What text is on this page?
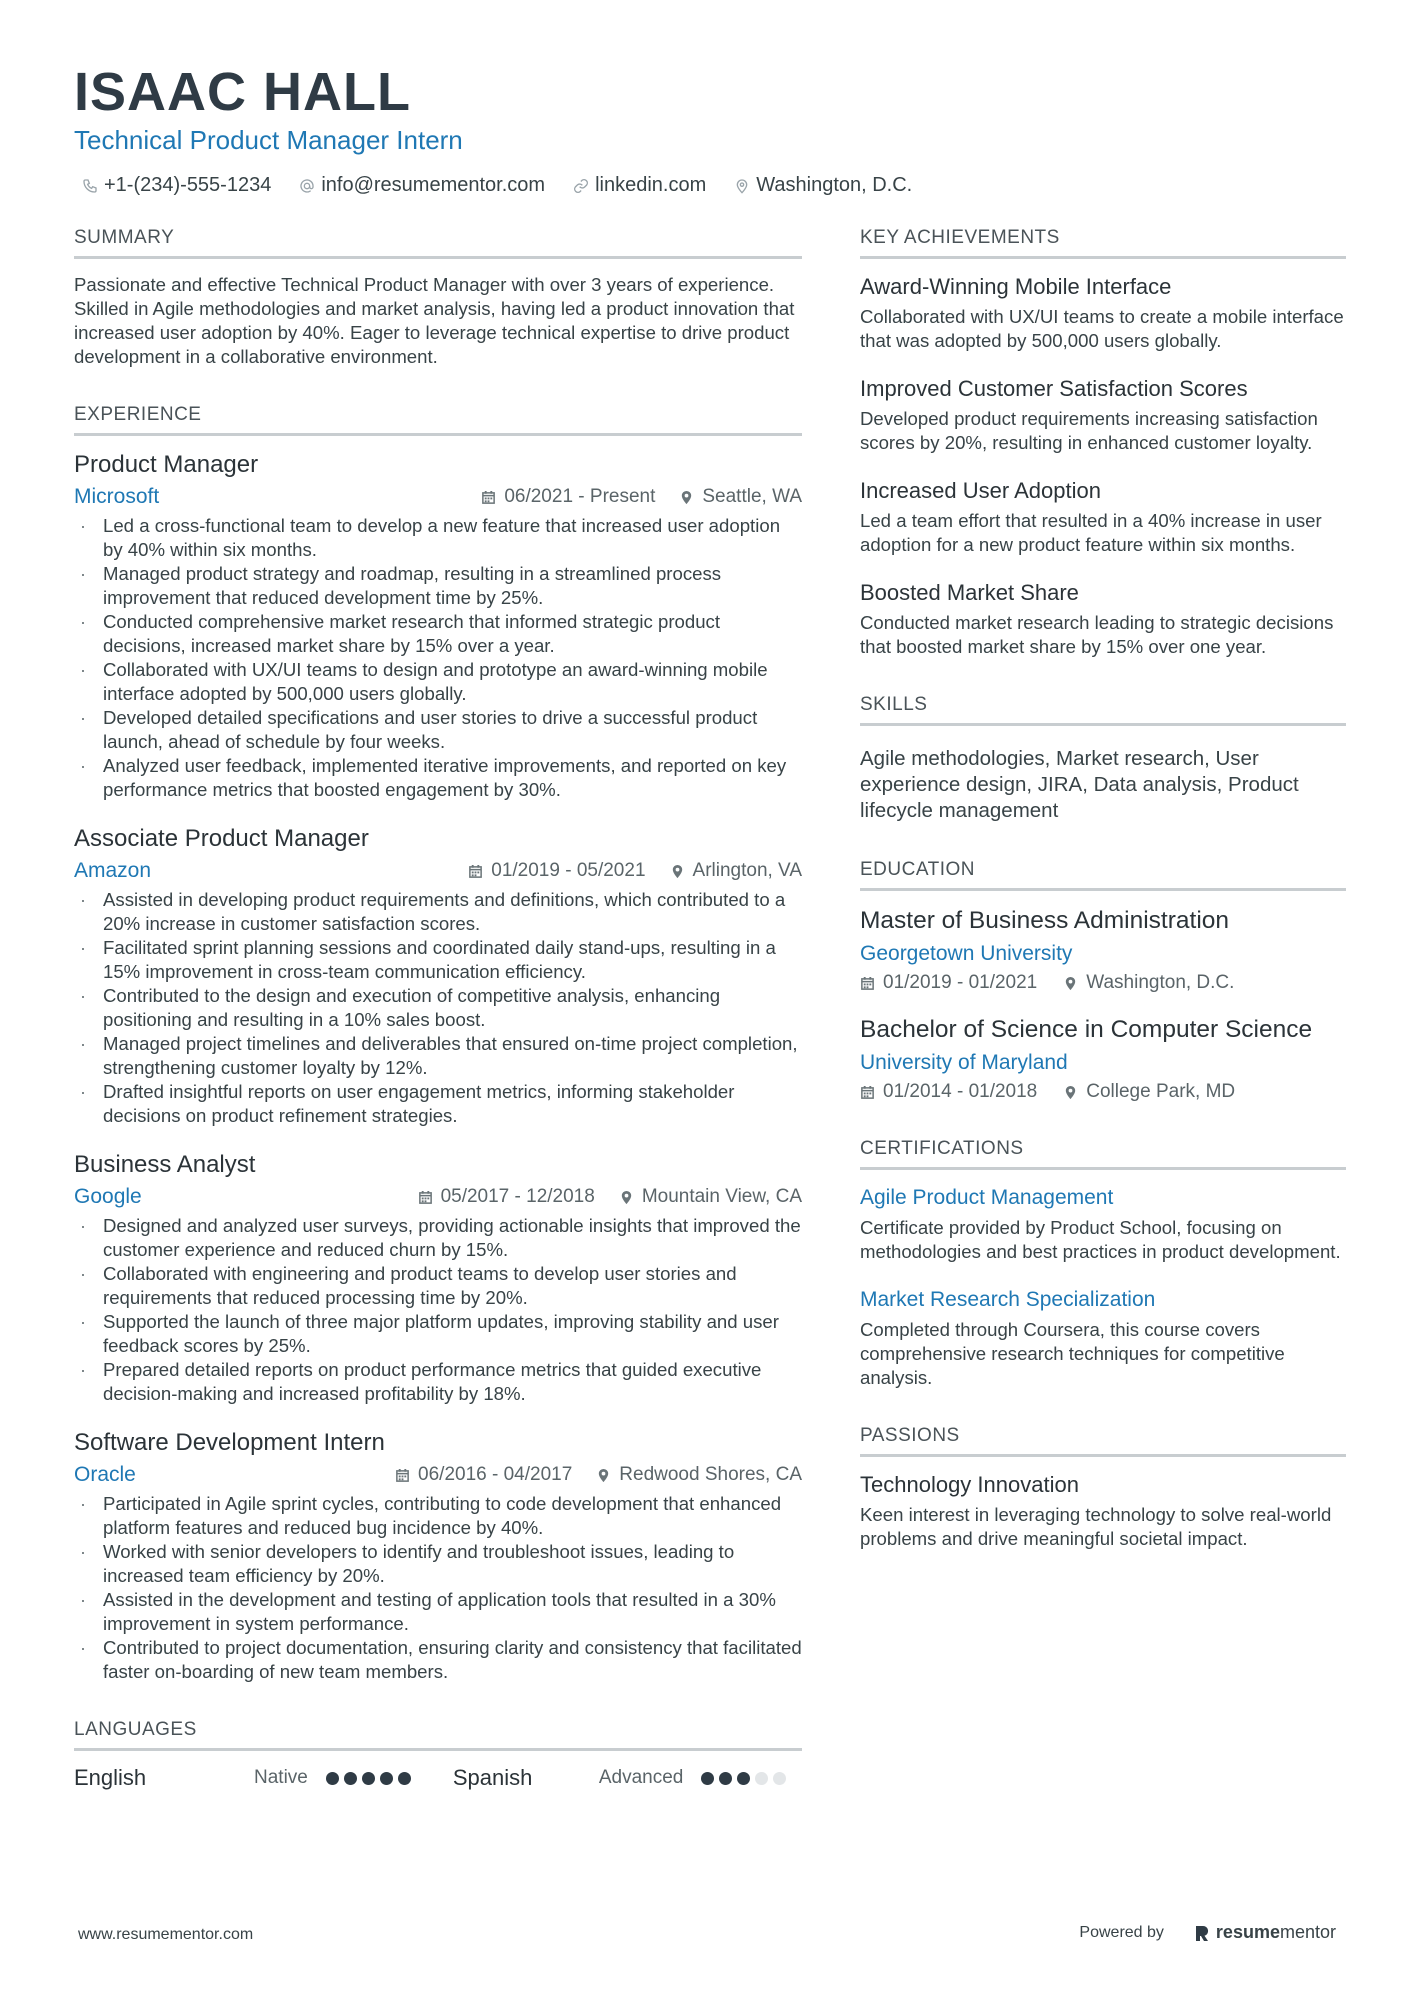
ISAAC HALL
Technical Product Manager Intern
+1-(234)-555-1234	info@resumementor.com	linkedin.com	Washington, D.C.
SUMMARY

Passionate and effective Technical Product Manager with over 3 years of experience. Skilled in Agile methodologies and market analysis, having led a product innovation that increased user adoption by 40%. Eager to leverage technical expertise to drive product development in a collaborative environment.

EXPERIENCE
Product Manager
Microsoft	06/2021 - Present Seattle, WA
· Led a cross-functional team to develop a new feature that increased user adoption by 40% within six months.
· Managed product strategy and roadmap, resulting in a streamlined process improvement that reduced development time by 25%.
· Conducted comprehensive market research that informed strategic product decisions, increased market share by 15% over a year.
· Collaborated with UX/UI teams to design and prototype an award-winning mobile interface adopted by 500,000 users globally.
· Developed detailed specifications and user stories to drive a successful product launch, ahead of schedule by four weeks.
· Analyzed user feedback, implemented iterative improvements, and reported on key performance metrics that boosted engagement by 30%.
Associate Product Manager
Amazon	01/2019 - 05/2021 Arlington, VA
· Assisted in developing product requirements and definitions, which contributed to a 20% increase in customer satisfaction scores.
· Facilitated sprint planning sessions and coordinated daily stand-ups, resulting in a 15% improvement in cross-team communication efficiency.
· Contributed to the design and execution of competitive analysis, enhancing positioning and resulting in a 10% sales boost.
· Managed project timelines and deliverables that ensured on-time project completion, strengthening customer loyalty by 12%.
· Drafted insightful reports on user engagement metrics, informing stakeholder decisions on product refinement strategies.
Business Analyst
Google	05/2017 - 12/2018 Mountain View, CA
· Designed and analyzed user surveys, providing actionable insights that improved the customer experience and reduced churn by 15%.
· Collaborated with engineering and product teams to develop user stories and requirements that reduced processing time by 20%.
· Supported the launch of three major platform updates, improving stability and user feedback scores by 25%.
· Prepared detailed reports on product performance metrics that guided executive decision-making and increased profitability by 18%.
Software Development Intern
Oracle	06/2016 - 04/2017 Redwood Shores, CA
· Participated in Agile sprint cycles, contributing to code development that enhanced platform features and reduced bug incidence by 40%.
· Worked with senior developers to identify and troubleshoot issues, leading to increased team efficiency by 20%.
· Assisted in the development and testing of application tools that resulted in a 30% improvement in system performance.
· Contributed to project documentation, ensuring clarity and consistency that facilitated faster on-boarding of new team members.
LANGUAGES
English	Native	Spanish	Advanced
KEY ACHIEVEMENTS
Award-Winning Mobile Interface

Collaborated with UX/UI teams to create a mobile interface that was adopted by 500,000 users globally.

Improved Customer Satisfaction Scores

Developed product requirements increasing satisfaction scores by 20%, resulting in enhanced customer loyalty.

Increased User Adoption

Led a team effort that resulted in a 40% increase in user adoption for a new product feature within six months.

Boosted Market Share

Conducted market research leading to strategic decisions that boosted market share by 15% over one year.

SKILLS

Agile methodologies, Market research, User experience design, JIRA, Data analysis, Product lifecycle management

EDUCATION
Master of Business Administration
Georgetown University
01/2019 - 01/2021	Washington, D.C.
Bachelor of Science in Computer Science
University of Maryland
01/2014 - 01/2018	College Park, MD
CERTIFICATIONS
Agile Product Management

Certificate provided by Product School, focusing on methodologies and best practices in product development.

Market Research Specialization

Completed through Coursera, this course covers comprehensive research techniques for competitive analysis.

PASSIONS
Technology Innovation

Keen interest in leveraging technology to solve real-world problems and drive meaningful societal impact.

www.resumementor.com	Powered by	resumementor
